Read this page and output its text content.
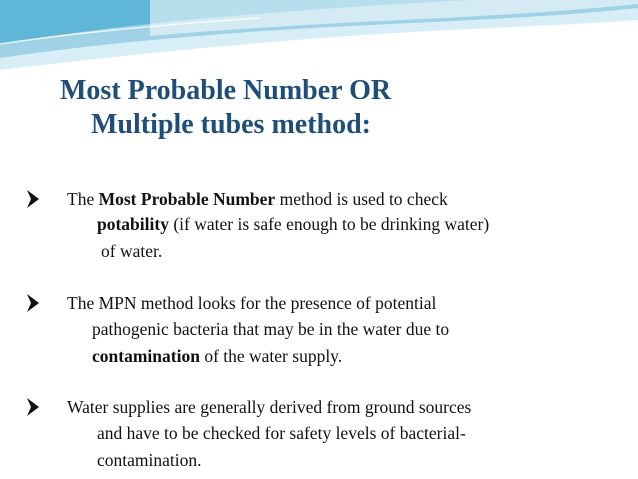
Most Probable Number OR
Multiple tubes method:
The Most Probable Number method is used to check
potability (if water is safe enough to be drinking water)
of water.
The MPN method looks for the presence of potential
pathogenic bacteria that may be in the water due to
contamination of the water supply.
Water supplies are generally derived from ground sources
and have to be checked for safety levels of bacterial-
contamination.
